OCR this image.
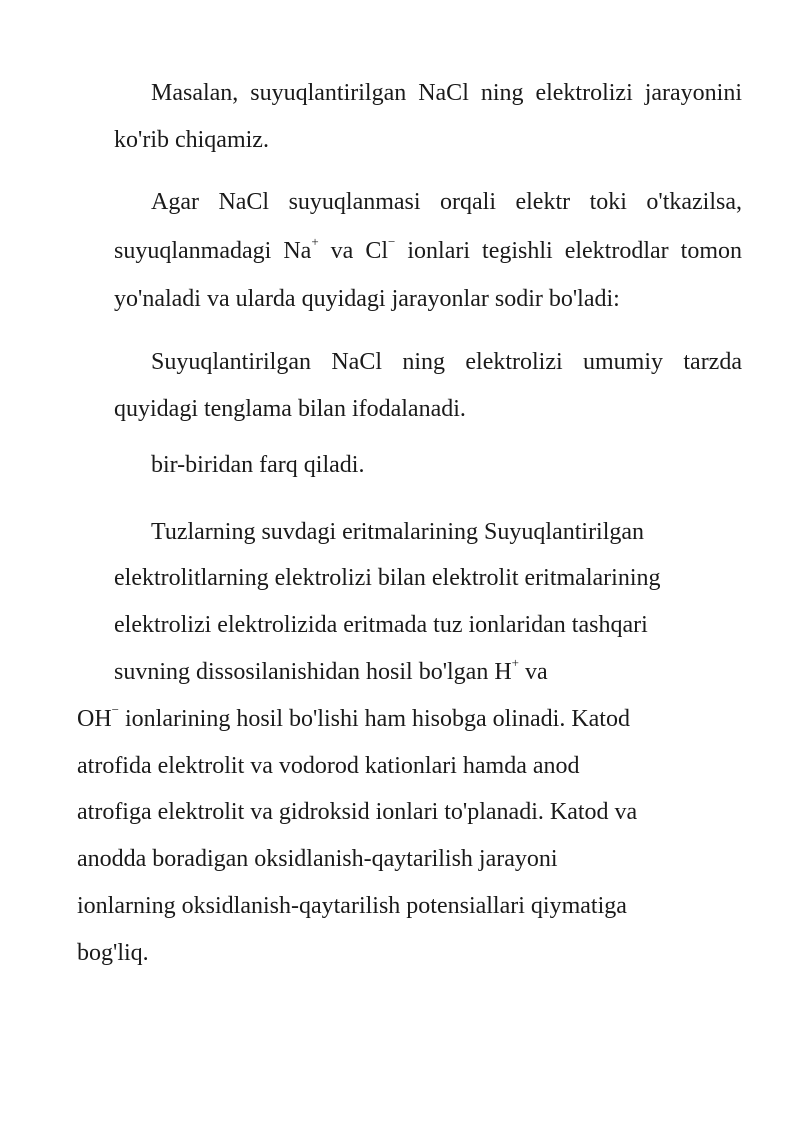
Masalan, suyuqlantirilgan NaCl ning elektrolizi jarayonini ko'rib chiqamiz.

Agar NaCl suyuqlanmasi orqali elektr toki o'tkazilsa, suyuqlanmadagi Na+ va Cl− ionlari tegishli elektrodlar tomon yo'naladi va ularda quyidagi jarayonlar sodir bo'ladi:

Suyuqlantirilgan NaCl ning elektrolizi umumiy tarzda quyidagi tenglama bilan ifodalanadi.

bir-biridan farq qiladi.

Tuzlarning suvdagi eritmalarining Suyuqlantirilgan
elektrolitlarning elektrolizi bilan elektrolit eritmalarining
elektrolizi elektrolizida eritmada tuz ionlaridan tashqari
suvning dissosilanishidan hosil bo'lgan H+ va
OH− ionlarining hosil bo'lishi ham hisobga olinadi. Katod
atrofida elektrolit va vodorod kationlari hamda anod
atrofiga elektrolit va gidroksid ionlari to'planadi. Katod va
anodda boradigan oksidlanish-qaytarilish jarayoni
ionlarning oksidlanish-qaytarilish potensiallari qiymatiga
bog'liq.
